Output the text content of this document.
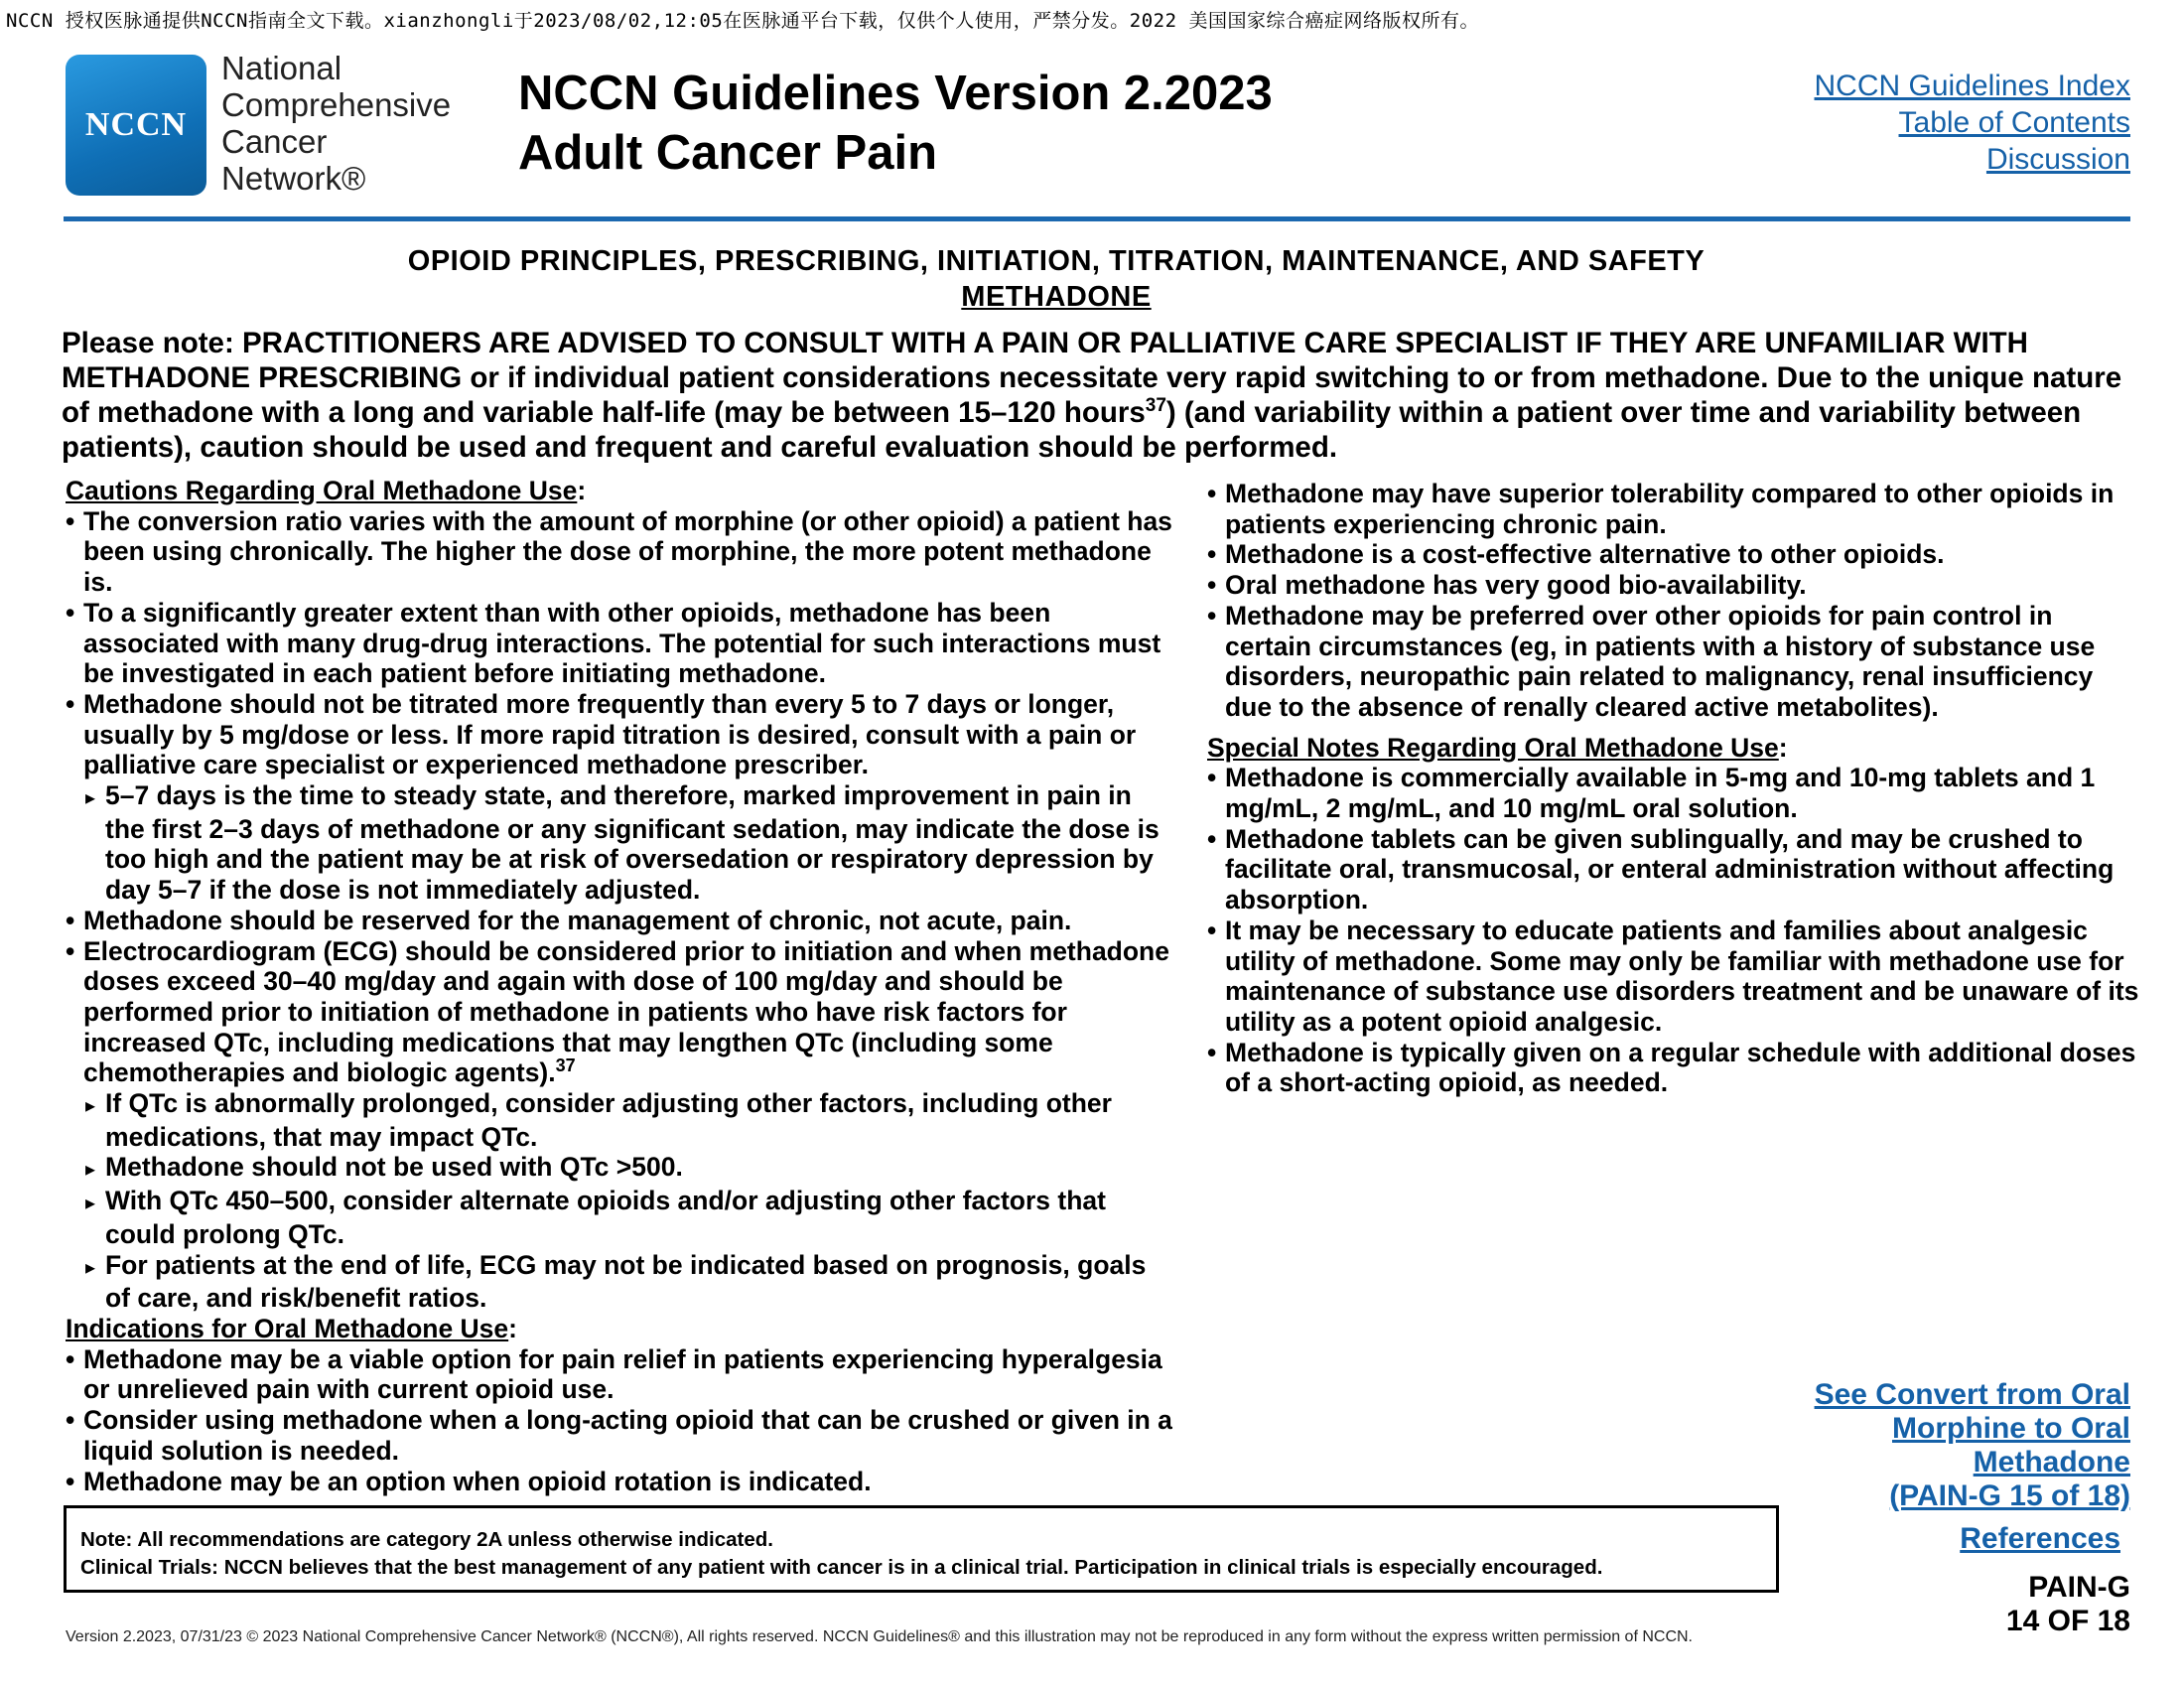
NCCN 授权医脉通提供NCCN指南全文下载。xianzhongli于2023/08/02,12:05在医脉通平台下载，仅供个人使用，严禁分发。2022 美国国家综合癌症网络版权所有。
NCCN
National
Comprehensive
Cancer
Network®
NCCN Guidelines Version 2.2023
Adult Cancer Pain
NCCN Guidelines Index
Table of Contents
Discussion
OPIOID PRINCIPLES, PRESCRIBING, INITIATION, TITRATION, MAINTENANCE, AND SAFETY
METHADONE
Please note: PRACTITIONERS ARE ADVISED TO CONSULT WITH A PAIN OR PALLIATIVE CARE SPECIALIST IF THEY ARE UNFAMILIAR WITH METHADONE PRESCRIBING or if individual patient considerations necessitate very rapid switching to or from methadone. Due to the unique nature of methadone with a long and variable half-life (may be between 15–120 hours$^{37}$) (and variability within a patient over time and variability between patients), caution should be used and frequent and careful evaluation should be performed.

Cautions Regarding Oral Methadone Use:

• The conversion ratio varies with the amount of morphine (or other opioid) a patient has been using chronically. The higher the dose of morphine, the more potent methadone is.

• To a significantly greater extent than with other opioids, methadone has been associated with many drug-drug interactions. The potential for such interactions must be investigated in each patient before initiating methadone.

• Methadone should not be titrated more frequently than every 5 to 7 days or longer, usually by 5 mg/dose or less. If more rapid titration is desired, consult with a pain or palliative care specialist or experienced methadone prescriber.

▸ 5–7 days is the time to steady state, and therefore, marked improvement in pain in the first 2–3 days of methadone or any significant sedation, may indicate the dose is too high and the patient may be at risk of oversedation or respiratory depression by day 5–7 if the dose is not immediately adjusted.

• Methadone should be reserved for the management of chronic, not acute, pain.

• Electrocardiogram (ECG) should be considered prior to initiation and when methadone doses exceed 30–40 mg/day and again with dose of 100 mg/day and should be performed prior to initiation of methadone in patients who have risk factors for increased QTc, including medications that may lengthen QTc (including some chemotherapies and biologic agents).$^{37}$

▸ If QTc is abnormally prolonged, consider adjusting other factors, including other medications, that may impact QTc.

▸ Methadone should not be used with QTc >500.

▸ With QTc 450–500, consider alternate opioids and/or adjusting other factors that could prolong QTc.

▸ For patients at the end of life, ECG may not be indicated based on prognosis, goals of care, and risk/benefit ratios.

Indications for Oral Methadone Use:

• Methadone may be a viable option for pain relief in patients experiencing hyperalgesia or unrelieved pain with current opioid use.

• Consider using methadone when a long-acting opioid that can be crushed or given in a liquid solution is needed.

• Methadone may be an option when opioid rotation is indicated.

• Methadone may have superior tolerability compared to other opioids in patients experiencing chronic pain.

• Methadone is a cost-effective alternative to other opioids.

• Oral methadone has very good bio-availability.

• Methadone may be preferred over other opioids for pain control in certain circumstances (eg, in patients with a history of substance use disorders, neuropathic pain related to malignancy, renal insufficiency due to the absence of renally cleared active metabolites).

Special Notes Regarding Oral Methadone Use:

• Methadone is commercially available in 5-mg and 10-mg tablets and 1 mg/mL, 2 mg/mL, and 10 mg/mL oral solution.

• Methadone tablets can be given sublingually, and may be crushed to facilitate oral, transmucosal, or enteral administration without affecting absorption.

• It may be necessary to educate patients and families about analgesic utility of methadone. Some may only be familiar with methadone use for maintenance of substance use disorders treatment and be unaware of its utility as a potent opioid analgesic.

• Methadone is typically given on a regular schedule with additional doses of a short-acting opioid, as needed.

See Convert from Oral
Morphine to Oral
Methadone
(PAIN-G 15 of 18)
Note: All recommendations are category 2A unless otherwise indicated.
Clinical Trials: NCCN believes that the best management of any patient with cancer is in a clinical trial. Participation in clinical trials is especially encouraged.
References
PAIN-G
14 OF 18
Version 2.2023, 07/31/23 © 2023 National Comprehensive Cancer Network® (NCCN®), All rights reserved. NCCN Guidelines® and this illustration may not be reproduced in any form without the express written permission of NCCN.
